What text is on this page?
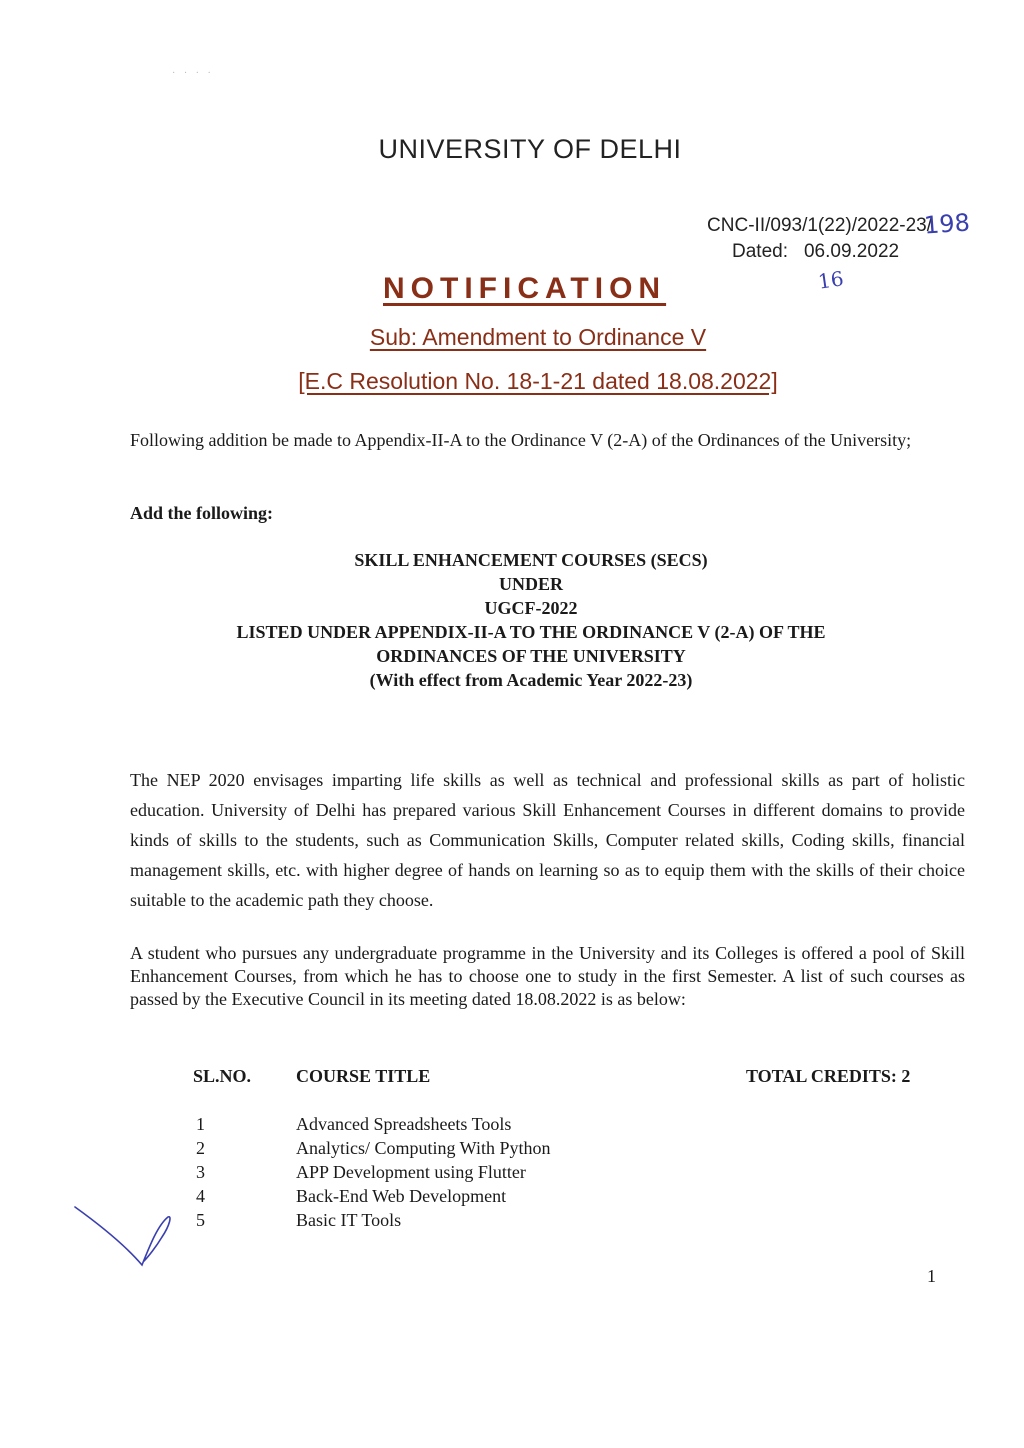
· · · ·
UNIVERSITY OF DELHI
CNC-II/093/1(22)/2022-23/
198
Dated: 06.09.2022
16
NOTIFICATION
Sub: Amendment to Ordinance V
[E.C Resolution No. 18-1-21 dated 18.08.2022]
Following addition be made to Appendix-II-A to the Ordinance V (2-A) of the Ordinances of the University;
Add the following:
SKILL ENHANCEMENT COURSES (SECS)
UNDER
UGCF-2022
LISTED UNDER APPENDIX-II-A TO THE ORDINANCE V (2-A) OF THE
ORDINANCES OF THE UNIVERSITY
(With effect from Academic Year 2022-23)
The NEP 2020 envisages imparting life skills as well as technical and professional skills as part of holistic education. University of Delhi has prepared various Skill Enhancement Courses in different domains to provide kinds of skills to the students, such as Communication Skills, Computer related skills, Coding skills, financial management skills, etc. with higher degree of hands on learning so as to equip them with the skills of their choice suitable to the academic path they choose.
A student who pursues any undergraduate programme in the University and its Colleges is offered a pool of Skill Enhancement Courses, from which he has to choose one to study in the first Semester. A list of such courses as passed by the Executive Council in its meeting dated 18.08.2022 is as below:
SL.NO. COURSE TITLE	TOTAL CREDITS: 2
1	Advanced Spreadsheets Tools
2	Analytics/ Computing With Python
3	APP Development using Flutter
4	Back-End Web Development
5	Basic IT Tools
1
